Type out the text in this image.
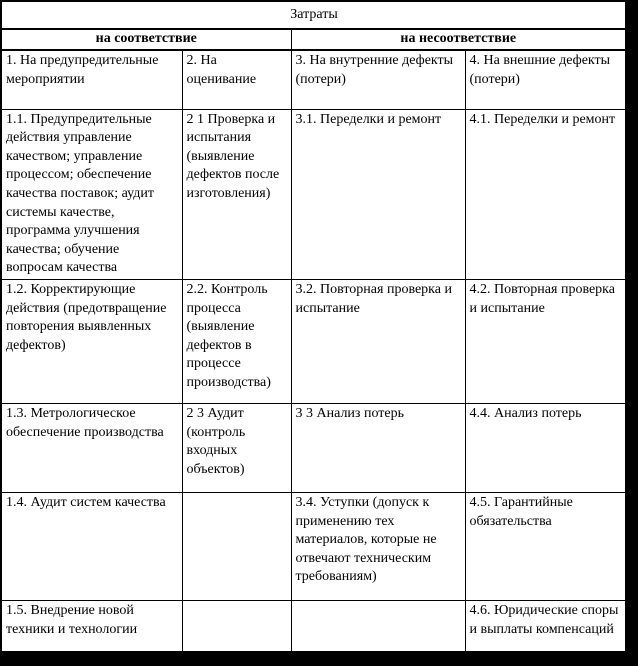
Затраты			
на соответствие		на несоответствие	
1. На предупредительные мероприятии	2. На оценивание	3. На внутренние дефекты (потери)	4. На внешние дефекты (потери)
1.1. Предупредительные действия управление качеством; управление процессом; обеспечение качества поставок; аудит системы качестве, программа улучшения качества; обучение вопросам качества	2 1 Проверка и испытания (выявление дефектов после изготовления)	3.1. Переделки и ремонт	4.1. Переделки и ремонт
1.2. Корректирующие действия (предотвращение повторения выявленных дефектов)	2.2. Контроль процесса (выявление дефектов в процессе производства)	3.2. Повторная проверка и испытание	4.2. Повторная проверка и испытание
1.3. Метрологическое обеспечение производства	2 3 Аудит (контроль входных объектов)	3 3 Анализ потерь	4.4. Анализ потерь
1.4. Аудит систем качества		3.4. Уступки (допуск к применению тех материалов, которые не отвечают техническим требованиям)	4.5. Гарантийные обязательства
1.5. Внедрение новой техники и технологии			4.6. Юридические споры и выплаты компенсаций
